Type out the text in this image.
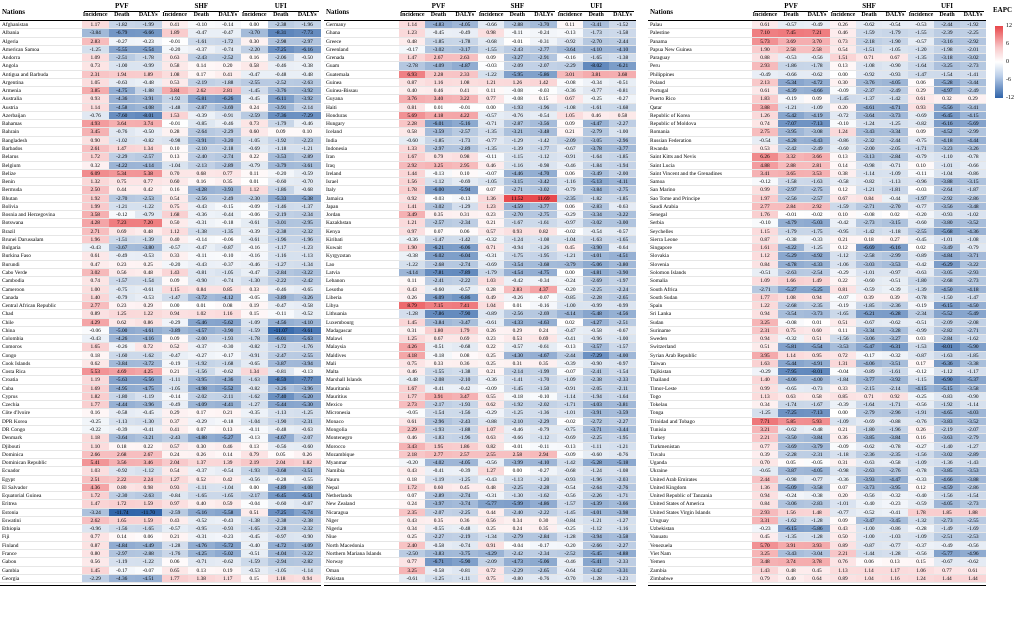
Nations
PVF
Incidence	Death	DALYs
SHF
Incidence	Death	DALYs
UFI
Incidence	Death	DALYs
Afghanistan	1.17	-1.82	-1.99	0.41	-0.10	-0.14	0.00	-2.38	-1.96
Albania	-3.84	-6.79	-6.66	1.89	-0.47	-0.47	-3.70	-8.31	-7.73
Algeria	2.83	-0.27	-0.23	-0.01	-1.61	-1.72	0.30	-2.98	-2.97
American Samoa	-1.25	-5.55	-5.54	-0.20	-0.37	-0.74	-2.20	-7.25	-6.16
Andorra	1.09	-2.51	-1.78	0.63	-2.43	-2.52	0.16	-2.06	-0.50
Angola	0.73	-1.00	-0.99	0.58	0.14	0.20	0.58	-0.46	-0.38
Antigua and Barbuda	2.31	1.94	1.89	1.08	0.17	0.41	-0.47	-0.48	-0.48
Argentina	1.05	-0.63	-0.48	0.53	-2.19	-1.88	-2.55	-2.52	-2.63
Armenia	3.85	-4.75	-1.88	3.84	2.62	2.81	-1.45	-3.76	-3.92
Australia	0.93	-4.36	-3.91	-1.92	-5.81	-6.26	-0.45	-6.11	-3.92
Austria	1.14	-4.58	-4.08	-1.48	-2.87	-3.69	0.24	-3.91	-2.14
Azerbaijan	-0.76	-7.60	-8.01	1.53	-0.39	-0.91	-2.59	-7.36	-7.29
Bahamas	4.93	3.64	3.74	-0.01	-0.85	-0.46	0.73	-1.79	-0.46
Bahrain	3.45	-0.76	-0.50	0.28	-2.64	-2.29	0.60	0.09	0.10
Bangladesh	0.90	-1.02	-0.82	-0.98	-3.91	-3.20	-1.05	-1.92	-2.23
Barbados	2.61	1.47	1.34	0.10	-2.10	-2.18	-0.69	-1.18	-1.21
Belarus	1.72	-2.29	-2.57	0.13	-2.40	-2.74	0.22	-3.53	-2.89
Belgium	0.32	-4.22	-4.14	-1.04	-2.13	-2.89	-0.79	-3.79	-3.61
Belize	6.09	5.34	5.38	0.70	0.68	0.77	0.11	-0.20	-0.59
Benin	1.32	0.75	0.77	0.60	0.16	0.35	0.01	-0.60	-0.70
Bermuda	2.50	0.44	0.42	0.16	-4.28	-3.93	1.12	-1.86	-0.68
Bhutan	1.92	-2.70	-2.53	0.54	-2.56	-2.49	-2.30	-5.33	-5.38
Bolivia	1.99	-1.21	-1.22	0.75	-0.43	-0.15	-0.09	-1.46	-1.37
Bosnia and Herzegovina	3.58	-0.12	-0.79	1.68	-0.36	-0.44	-0.06	-2.19	-2.34
Botswana	4.28	7.23	7.20	0.50	-0.31	-0.18	-0.61	-3.01	-2.95
Brazil	2.71	0.69	0.48	1.12	-1.38	-1.35	-0.39	-2.38	-2.32
Brunei Darussalam	1.96	-1.51	-1.39	0.40	-0.14	-0.06	-0.61	-1.96	-1.96
Bulgaria	-0.43	-3.67	-3.80	-0.57	-0.47	-0.87	-0.16	-1.17	-1.23
Burkina Faso	0.61	-0.49	-0.53	0.33	-0.11	-0.10	-0.16	-1.16	-1.13
Burundi	0.47	0.23	0.25	-0.20	-0.43	-0.37	-0.46	-1.27	-1.34
Cabo Verde	3.02	0.56	0.48	1.43	-0.81	-1.05	-0.47	-2.84	-3.22
Cambodia	0.74	-1.57	-1.54	0.09	-0.90	-0.74	-1.30	-2.22	-2.42
Cameroon	1.00	-0.75	-0.61	1.15	0.84	0.85	0.33	-0.46	-0.65
Canada	1.40	-0.79	-0.53	-1.47	-3.72	-4.12	-0.05	-3.89	-3.26
Central African Republic	2.77	0.23	0.29	0.00	0.01	0.08	0.19	-0.47	-0.58
Chad	0.89	1.25	1.22	0.94	1.02	1.16	0.15	-0.11	-0.52
Chile	4.29	0.62	0.86	-0.29	-5.46	-5.62	-1.09	-4.56	-4.10
China	-0.06	-5.00	-4.61	-3.89	-4.57	-3.90	-1.59	-11.07	-9.61
Colombia	-0.43	-4.26	-4.16	0.09	-2.00	-1.93	-1.78	-6.01	-5.63
Comoros	1.65	-0.26	0.72	0.52	-0.37	-0.30	-0.82	-1.72	-1.76
Congo	0.18	-1.60	-1.62	-0.47	-0.27	-0.17	-0.91	-2.47	-2.55
Cook Islands	0.62	-3.84	-3.72	-0.19	-1.92	-1.68	-0.65	-3.87	-3.94
Costa Rica	5.53	4.69	4.25	0.21	-1.56	-0.62	1.34	-0.81	-0.13
Croatia	1.19	-5.63	-5.56	-1.11	-3.95	-4.36	-1.63	-8.59	-7.77
Cuba	1.69	-4.95	-4.75	-1.05	-4.98	-5.52	-0.82	-3.26	-3.96
Cyprus	1.82	-1.80	-1.19	-0.14	-2.02	-2.11	-1.62	-7.40	-5.20
Czechia	1.77	-4.44	-3.96	-0.49	-4.09	-4.41	-1.27	-5.44	-5.30
Côte d'Ivoire	0.16	-0.58	-0.45	0.29	0.17	0.21	-0.35	-1.13	-1.25
DPR Korea	-0.25	-1.13	-1.30	0.37	-0.29	-0.18	-1.04	-1.90	-2.31
DR Congo	-0.22	-0.39	-0.41	0.41	0.07	0.13	-0.11	-0.48	-0.63
Denmark	1.18	-3.64	-3.21	-2.43	-4.88	-5.27	-0.13	-4.67	-2.07
Djibouti	1.10	0.18	0.22	0.57	0.30	0.46	0.13	-0.56	-0.60
Dominica	2.66	2.68	2.67	0.24	0.26	0.14	0.79	0.05	0.26
Dominican Republic	5.41	3.56	3.46	2.04	1.37	1.39	2.19	2.04	1.82
Ecuador	1.03	-0.92	-1.12	0.54	-0.37	-0.54	-1.93	-3.68	-3.51
Egypt	2.51	2.22	2.24	1.27	0.52	0.42	-0.56	-0.28	-0.55
El Salvador	4.36	0.80	0.98	0.93	-1.11	-1.04	0.00	-4.89	-4.08
Equatorial Guinea	1.72	-2.30	-2.63	-0.84	-1.65	-1.65	-2.17	-6.45	-6.51
Eritrea	1.47	1.72	1.59	0.97	0.40	0.59	-0.04	-0.60	-0.87
Estonia	-3.24	-11.74	-11.70	-2.59	-5.16	-5.58	0.51	-7.25	-5.74
Eswatini	2.62	1.65	1.59	0.43	-0.52	-0.43	-1.38	-2.38	-2.38
Ethiopia	-0.96	-1.56	-1.65	-0.57	-0.95	-0.93	-1.65	-2.28	-2.32
Fiji	0.77	0.14	0.06	0.21	-0.31	-0.23	-0.45	-0.97	-0.90
Finland	0.87	-4.84	-4.49	-1.28	-4.76	-5.72	-0.40	-4.72	-4.09
France	0.80	-2.97	-2.88	-1.76	-4.25	-5.02	-0.51	-4.04	-3.22
Gabon	0.56	-1.19	-1.22	0.06	-0.71	-0.62	-1.59	-2.94	-2.82
Gambia	1.45	-0.17	-0.07	0.65	0.13	0.19	-0.53	-1.05	-1.14
Georgia	-2.29	-4.36	-4.51	1.77	1.38	1.17	0.15	1.18	0.94
Nations
PVF
Incidence	Death	DALYs
SHF
Incidence	Death	DALYs
UFI
Incidence	Death	DALYs
Germany	1.14	-4.83	-4.05	-0.66	-2.88	-3.70	0.11	-3.41	-1.52
Ghana	1.23	-0.45	-0.49	0.98	-0.11	-0.24	-0.13	-1.73	-1.58
Greece	0.48	-1.85	-1.78	-0.68	-0.01	-0.31	-0.92	-2.70	-2.44
Greenland	-0.17	-3.02	-3.17	-1.55	-2.43	-2.77	-3.64	-4.10	-4.10
Grenada	1.47	2.67	2.63	0.09	-3.27	-2.91	-0.16	-1.65	-1.38
Guam	-2.78	-4.09	-4.87	-0.03	-2.09	-2.07	-2.29	-8.02	-6.21
Guatemala	6.93	2.28	2.33	-1.22	-5.95	-5.86	3.01	3.81	3.68
Guinea	0.87	1.16	1.08	1.21	1.26	1.42	-0.08	-0.34	-0.51
Guinea-Bissau	0.40	0.46	0.41	0.11	-0.08	-0.03	-0.36	-0.77	-0.81
Guyana	3.76	3.40	3.22	0.77	-0.08	0.15	0.67	-0.25	-0.27
Haiti	0.81	0.01	-0.01	0.00	-1.93	-1.96	-1.08	-1.61	-1.68
Honduras	5.69	4.18	4.22	-0.57	-0.76	-0.54	1.05	0.46	0.58
Hungary	2.28	-6.01	-5.16	-0.71	-2.87	-3.56	0.09	-4.47	-2.27
Iceland	0.58	-3.59	-2.57	-1.35	-3.21	-3.48	0.21	-2.79	-1.00
India	-0.60	-1.85	-1.73	-0.77	-1.29	-1.42	-2.09	-3.05	-2.96
Indonesia	1.33	-2.97	-2.89	-1.35	-1.39	-1.77	-0.67	-3.78	-3.77
Iran	1.67	0.79	0.98	-0.11	-1.15	-1.12	-0.91	-1.64	-1.85
Iraq	2.92	3.25	2.95	0.46	-1.16	-0.98	-0.46	-1.84	-1.94
Ireland	1.44	-0.13	0.10	-0.07	-4.46	-4.70	0.06	-3.49	-2.00
Israel	1.56	-1.12	-0.69	-1.05	-3.15	-3.42	-1.16	-5.13	-4.11
Italy	1.78	-6.00	-5.94	0.07	-2.71	-3.02	-0.79	-3.84	-2.75
Jamaica	0.92	-0.03	-0.13	1.36	11.52	11.69	-2.35	-1.82	-1.85
Japan	1.41	-3.02	-1.29	1.23	-4.59	-3.77	0.06	-2.83	-0.63
Jordan	3.49	0.35	0.31	0.23	-2.70	-2.75	-0.29	-3.34	-3.22
Kazakhstan	1.21	-2.57	-2.34	0.21	-1.67	-1.61	-0.97	-3.02	-3.00
Kenya	0.97	0.07	0.06	0.57	0.93	0.82	-0.02	-0.54	-0.57
Kiribati	-0.36	-1.47	-1.42	-0.32	-1.24	-1.08	-1.04	-1.63	-1.65
Kuwait	1.90	-6.21	-6.06	0.71	-0.94	-1.26	0.45	-3.90	-0.64
Kyrgyzstan	-0.38	-6.02	-6.04	-0.31	-1.75	-1.95	-1.21	-4.01	-4.51
Lao	-1.22	-2.68	-2.74	-0.69	-3.54	-3.68	-3.79	-5.06	-3.80
Latvia	-4.14	-7.81	-7.89	-1.79	-4.54	-4.75	0.00	-4.81	-3.90
Lebanon	0.11	-2.41	-2.22	1.03	-0.42	-0.34	-0.24	-2.69	-1.97
Lesotho	0.43	-0.60	-0.57	0.28	2.83	4.37	-0.20	-2.25	-2.24
Liberia	0.26	-6.09	-6.86	0.49	-0.26	-0.07	-0.85	-2.28	-2.65
Libya	8.79	7.15	7.41	1.04	0.01	-0.16	-1.00	-0.99	-0.99
Lithuania	-1.28	-7.86	-7.90	-0.89	-2.56	-2.69	-4.14	-5.48	-4.56
Luxembourg	1.45	-3.84	-3.47	-0.61	-4.33	-4.63	0.02	-4.27	-2.51
Madagascar	0.31	1.80	1.79	0.26	0.29	0.24	-0.47	-0.58	-0.67
Malawi	1.25	0.67	0.69	0.23	0.53	0.69	-0.41	-0.96	-1.00
Malaysia	4.26	-0.51	-0.68	0.22	-0.57	-0.61	-0.13	-3.57	-1.57
Maldives	4.18	-0.18	0.08	0.25	-4.30	-4.67	-2.44	-7.29	-4.00
Mali	0.75	0.33	0.36	0.25	0.31	0.35	-0.39	-0.90	-0.97
Malta	0.46	-1.55	-1.38	0.21	-2.14	-1.99	-0.07	-2.41	-1.54
Marshall Islands	-0.48	-2.08	-2.10	-0.36	-1.41	-1.70	-1.09	-2.38	-2.33
Mauritania	1.67	-0.41	-0.42	-0.09	-1.45	-1.50	-0.91	-2.05	-2.11
Mauritius	1.77	3.91	3.47	0.55	-0.18	-0.10	-1.14	-1.94	-1.64
Mexico	2.73	-2.17	-1.93	0.62	-1.92	-2.02	-1.71	-4.03	-3.81
Micronesia	-0.05	-1.54	-1.56	-0.29	-1.25	-1.36	-1.01	-3.91	-3.59
Monaco	0.61	-2.96	-2.43	-0.88	-2.10	-2.29	-0.02	-2.72	-2.27
Mongolia	2.29	-1.93	-1.88	1.07	-0.46	-0.79	-0.75	-3.71	-3.44
Montenegro	0.46	-1.83	-1.96	0.63	-0.66	-1.12	-0.69	-2.25	-1.95
Morocco	3.43	1.95	1.86	0.82	-0.01	-0.11	-0.13	-1.11	-1.21
Mozambique	2.18	2.77	2.57	2.55	2.58	2.94	-0.09	-0.60	-0.76
Myanmar	-0.20	-4.02	-4.05	-0.56	-3.99	-4.10	-1.42	-5.28	-5.18
Namibia	0.43	-0.41	-0.39	1.27	0.00	-0.27	-0.68	-1.24	-1.08
Nauru	0.18	-1.19	-1.25	-0.43	-1.13	-1.20	-0.93	-1.96	-2.03
Nepal	1.72	0.60	0.45	0.48	-2.25	-2.28	-0.54	-2.64	-2.76
Netherlands	0.07	-2.89	-2.74	-0.31	-1.30	-1.62	-0.56	-2.26	-1.71
New Zealand	0.24	-3.97	-3.74	-5.77	-5.99	-4.86	-1.57	-4.39	-3.66
Nicaragua	2.35	-2.07	-2.25	0.44	-2.40	-2.22	-1.45	-4.01	-3.98
Niger	0.43	0.35	0.36	0.56	0.34	0.30	-0.84	-1.21	-1.27
Nigeria	0.34	-0.55	-0.48	0.25	0.24	0.35	-0.25	-1.12	-1.16
Niue	0.25	-2.27	-2.19	-1.34	-2.79	-2.84	-1.28	-3.94	-3.58
North Macedonia	2.40	-0.58	-0.74	0.91	-0.04	-0.17	-0.20	-2.66	-2.27
Northern Mariana Islands	-2.50	-3.83	-3.75	-4.29	-2.42	-2.34	-2.52	-5.45	-4.88
Norway	0.77	-6.71	-5.90	-2.09	-4.73	-5.06	-0.46	-5.41	-2.33
Oman	3.25	-0.58	-0.81	0.72	-2.29	-2.65	-0.64	-3.42	-3.31
Pakistan	-0.61	-1.25	-1.11	0.75	-0.80	-0.76	-0.70	-1.28	-1.23
Nations
PVF
Incidence	Death	DALYs
SHF
Incidence	Death	DALYs
UFI
Incidence	Death	DALYs
Palau	0.61	-0.57	-0.49	0.26	-0.62	-0.54	-0.53	-2.44	-1.92
Palestine	7.10	7.45	7.21	0.46	-1.59	-1.79	-1.55	-2.39	-2.25
Panama	5.73	3.69	3.70	0.73	-2.18	-1.90	-0.57	-3.16	-2.92
Papua New Guinea	1.90	2.58	2.58	0.54	-1.51	-1.05	-1.20	-1.98	-2.01
Paraguay	0.88	-0.53	-0.56	1.51	0.71	0.67	-1.35	-3.18	-3.02
Peru	2.93	-1.86	-1.78	0.13	-1.08	-0.90	-1.64	-3.25	-2.73
Philippines	-0.49	-0.66	-0.62	0.00	-0.92	-0.93	-1.47	-1.54	-1.41
Poland	2.13	-5.34	-4.72	0.30	-3.76	-4.05	0.06	-5.28	-3.44
Portugal	0.61	-4.39	-4.66	-0.09	-2.37	-2.49	0.29	-4.97	-2.49
Puerto Rico	1.83	-0.19	0.09	-1.45	-1.37	-1.42	0.61	0.32	0.29
Qatar	3.88	-1.21	-1.09	0.20	-4.61	-4.71	0.93	-5.56	-3.41
Republic of Korea	1.26	-5.42	-4.19	-0.72	-3.64	-3.73	-0.69	-6.45	-4.15
Republic of Moldova	0.74	-7.07	-7.13	-0.10	-1.24	-1.25	-0.82	-6.16	-5.69
Romania	2.75	-3.95	-3.08	1.24	-3.43	-3.34	0.09	-4.52	-2.99
Russian Federation	-0.54	-4.28	-4.43	-0.86	-2.32	-2.44	-0.75	-4.18	-4.44
Rwanda	0.53	-2.42	-2.49	-0.60	-2.00	-2.05	-1.71	-3.23	-3.26
Saint Kitts and Nevis	6.26	3.32	3.66	0.13	-3.13	-2.84	-0.79	-1.10	-0.78
Saint Lucia	4.88	2.88	2.81	0.14	-0.98	-0.71	0.10	-1.01	-0.66
Saint Vincent and the Grenadines	3.41	3.65	3.53	0.38	-1.14	-1.09	-0.11	-1.04	-0.86
Samoa	-0.12	-1.58	-1.63	-0.58	-0.82	-1.13	-0.96	-3.88	-3.15
San Marino	0.99	-2.97	-2.75	0.12	-1.21	-1.81	-0.03	-2.64	-1.87
Sao Tome and Principe	1.97	-2.56	-2.57	0.67	0.84	-0.44	-1.97	-2.92	-2.86
Saudi Arabia	2.77	2.84	2.92	-1.59	-2.71	-2.70	-0.77	-3.56	-3.48
Senegal	1.76	-0.01	-0.02	0.10	-0.08	0.02	-0.20	-0.93	-1.02
Serbia	-0.10	-4.79	-5.03	-0.42	-2.73	-3.15	-0.60	-3.80	-3.52
Seychelles	1.15	-1.79	-1.75	-0.95	-1.42	-1.18	-2.55	-5.68	-4.36
Sierra Leone	0.87	-0.38	-0.33	0.21	0.18	0.27	-0.45	-1.01	-1.08
Singapore	1.61	-4.22	-1.25	0.12	-6.69	-6.16	0.02	-3.49	-0.79
Slovakia	1.12	-5.29	-4.92	-1.12	-2.58	-2.99	-0.89	-4.84	-3.71
Slovenia	0.84	-4.78	-4.33	-1.06	-3.03	-3.53	-0.42	-6.29	-3.22
Solomon Islands	-0.51	-2.63	-2.54	-0.29	-1.01	-0.97	-0.63	-3.05	-2.93
Somalia	1.09	1.66	1.49	0.22	-0.60	-0.51	-1.80	-2.68	-2.73
South Africa	-2.71	-5.27	-5.25	0.81	-0.59	-0.39	-1.39	-4.50	-4.18
South Sudan	1.77	1.08	0.94	-0.07	0.39	0.39	-0.78	-1.50	-1.47
Spain	1.22	-2.68	-2.35	-0.19	-1.85	-2.36	-0.19	-6.15	-4.50
Sri Lanka	0.94	-3.54	-3.73	-1.65	-6.21	-6.28	-2.34	-5.52	-5.49
Sudan	3.25	-0.08	0.01	0.51	-0.67	-0.62	-0.51	-2.09	-2.08
Suriname	2.31	0.75	0.60	0.11	-3.34	-3.28	-0.99	-2.82	-2.71
Sweden	0.94	-0.32	0.51	-1.56	-3.06	-3.27	0.03	-2.84	-1.62
Switzerland	0.51	-5.81	-5.54	-3.53	-5.47	-6.31	-1.53	-8.01	-5.90
Syrian Arab Republic	3.95	1.14	0.95	0.72	-0.17	-0.32	-0.87	-1.63	-1.85
Taiwan	1.63	-5.44	-4.91	1.31	-4.06	-3.51	0.17	-6.36	-3.38
Tajikistan	-0.29	-7.95	-8.01	-0.04	-0.89	-1.61	-0.12	-1.12	-1.17
Thailand	1.40	-4.06	-4.00	-1.84	-3.77	-3.92	-1.15	-6.90	-5.37
Timor-Leste	0.99	-0.65	-0.73	0.33	-2.15	-2.14	-4.15	-5.15	-3.58
Togo	1.13	0.63	0.58	0.85	0.71	0.92	-0.25	-0.83	-0.90
Tokelau	0.34	-1.74	-1.67	-0.39	-1.64	-1.71	-0.56	-1.92	-1.14
Tonga	-1.25	-7.25	-7.13	0.00	-2.79	-2.96	-1.91	-4.65	-4.03
Trinidad and Tobago	7.71	5.85	5.93	-1.09	-0.69	-0.88	-0.76	-3.83	-3.52
Tunisia	3.21	-0.62	-0.48	0.21	-1.80	-1.96	0.26	-2.19	-2.07
Turkey	2.21	-3.50	-3.84	0.36	-3.85	-3.84	0.16	-3.63	-2.79
Turkmenistan	0.77	-3.69	-3.79	-0.09	-0.62	-0.78	-0.27	-1.40	-1.27
Tuvalu	0.39	-2.28	-2.31	-1.18	-2.36	-2.35	-1.56	-3.02	-2.89
Uganda	0.70	0.05	-0.05	0.31	-0.63	-0.58	-1.09	-1.36	-1.43
Ukraine	-0.65	-3.87	-4.05	-0.98	-2.63	-2.76	-0.78	-3.85	-3.53
United Arab Emirates	2.44	-0.98	-0.77	-0.36	-3.93	-4.47	-0.33	-4.66	-3.88
United Kingdom	1.36	-5.09	-3.58	0.07	-3.73	-3.95	0.12	-4.59	-2.86
United Republic of Tanzania	0.94	-0.24	-0.38	0.20	-0.56	-0.32	-0.40	-1.56	-1.54
United States of America	0.84	-3.06	-2.83	-1.01	-0.40	-0.23	-0.59	-4.05	-2.73
United States Virgin Islands	2.93	1.56	1.48	-0.77	-0.52	-0.41	1.78	1.85	1.88
Uruguay	3.31	-1.62	-1.28	0.09	-3.47	-3.45	-1.32	-2.73	-2.55
Uzbekistan	-0.23	-6.15	-5.86	0.43	-1.00	-0.86	-0.28	-1.49	-1.69
Vanuatu	0.45	-1.35	-1.28	0.50	-1.00	-1.03	-1.09	-2.51	-2.53
Venezuela	5.70	3.91	3.93	0.89	-0.87	-0.77	-0.37	-0.49	-0.56
Viet Nam	3.25	-3.43	-3.04	2.21	-1.44	-1.28	-0.56	-5.77	-4.96
Yemen	3.48	3.74	3.78	0.76	0.06	0.13	0.15	-0.67	-0.62
Zambia	1.43	0.48	0.45	1.13	1.14	1.17	1.06	0.77	0.61
Zimbabwe	0.79	0.40	0.64	0.89	1.04	1.16	1.24	1.44	1.44
EAPC
12
6
0
-6
-12
